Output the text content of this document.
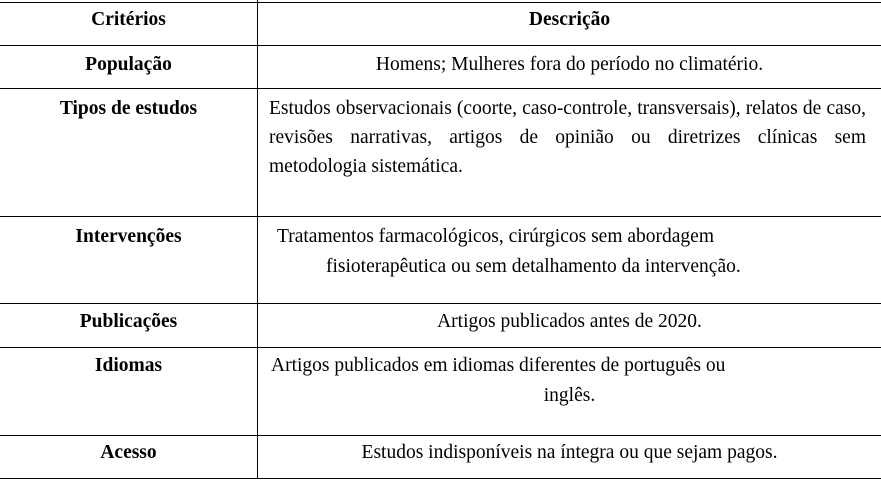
Critérios	Descrição
População	Homens; Mulheres fora do período no climatério.
Tipos de estudos	Estudos observacionais (coorte, caso-controle, transversais), relatos de caso, revisões narrativas, artigos de opinião ou diretrizes clínicas sem metodologia sistemática.
Intervenções	Tratamentos farmacológicos, cirúrgicos sem abordagem
fisioterapêutica ou sem detalhamento da intervenção.
Publicações	Artigos publicados antes de 2020.
Idiomas	Artigos publicados em idiomas diferentes de português ou
inglês.
Acesso	Estudos indisponíveis na íntegra ou que sejam pagos.
